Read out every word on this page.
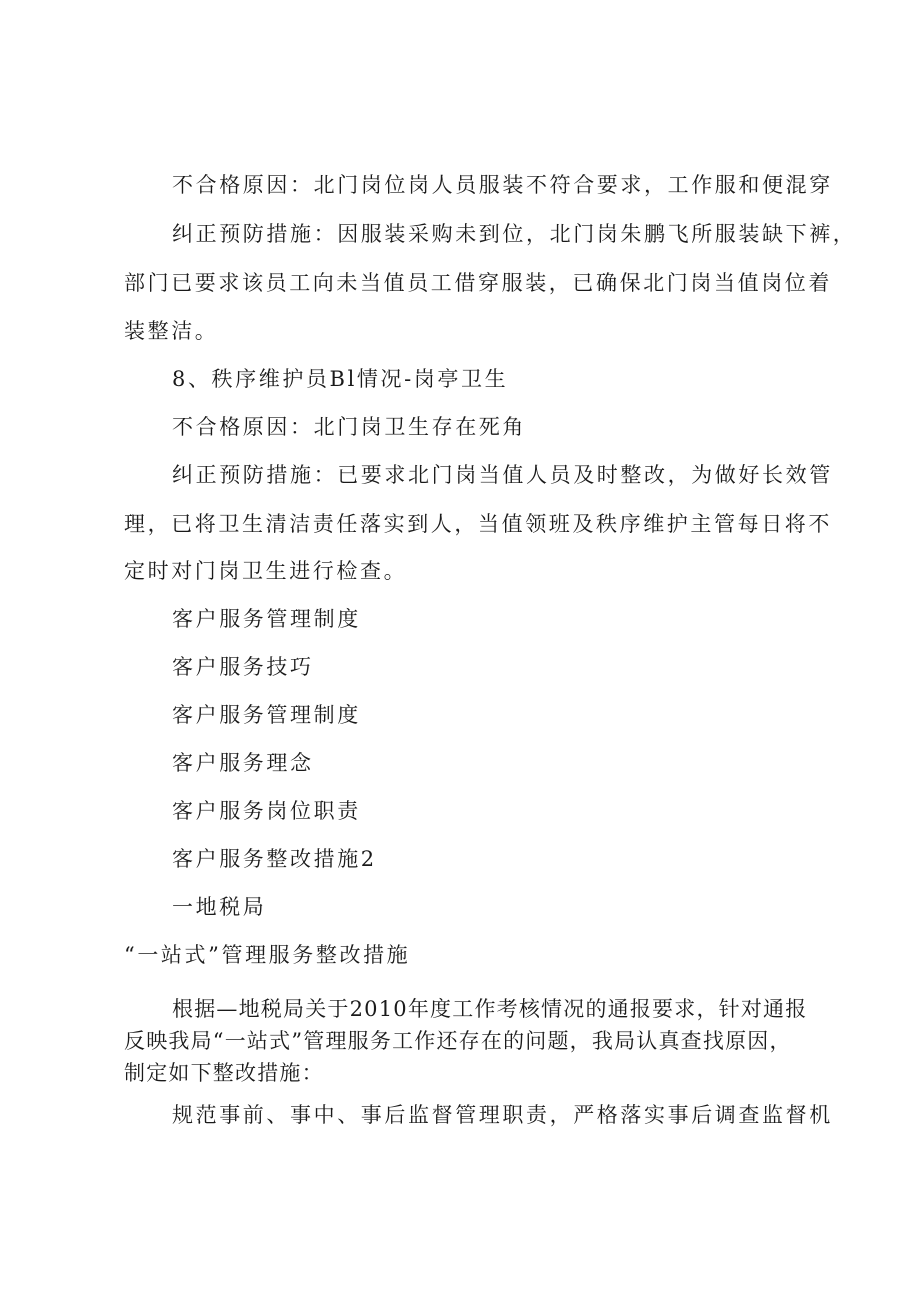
不合格原因：北门岗位岗人员服装不符合要求，工作服和便混穿
纠正预防措施：因服装采购未到位，北门岗朱鹏飞所服装缺下裤，
部门已要求该员工向未当值员工借穿服装，已确保北门岗当值岗位着
装整洁。
8、秩序维护员Bl情况-岗亭卫生
不合格原因：北门岗卫生存在死角
纠正预防措施：已要求北门岗当值人员及时整改，为做好长效管
理，已将卫生清洁责任落实到人，当值领班及秩序维护主管每日将不
定时对门岗卫生进行检查。
客户服务管理制度
客户服务技巧
客户服务管理制度
客户服务理念
客户服务岗位职责
客户服务整改措施2
一地税局
“一站式”管理服务整改措施
根据—地税局关于2010年度工作考核情况的通报要求，针对通报
反映我局“一站式”管理服务工作还存在的问题，我局认真查找原因，
制定如下整改措施：
规范事前、事中、事后监督管理职责，严格落实事后调查监督机
